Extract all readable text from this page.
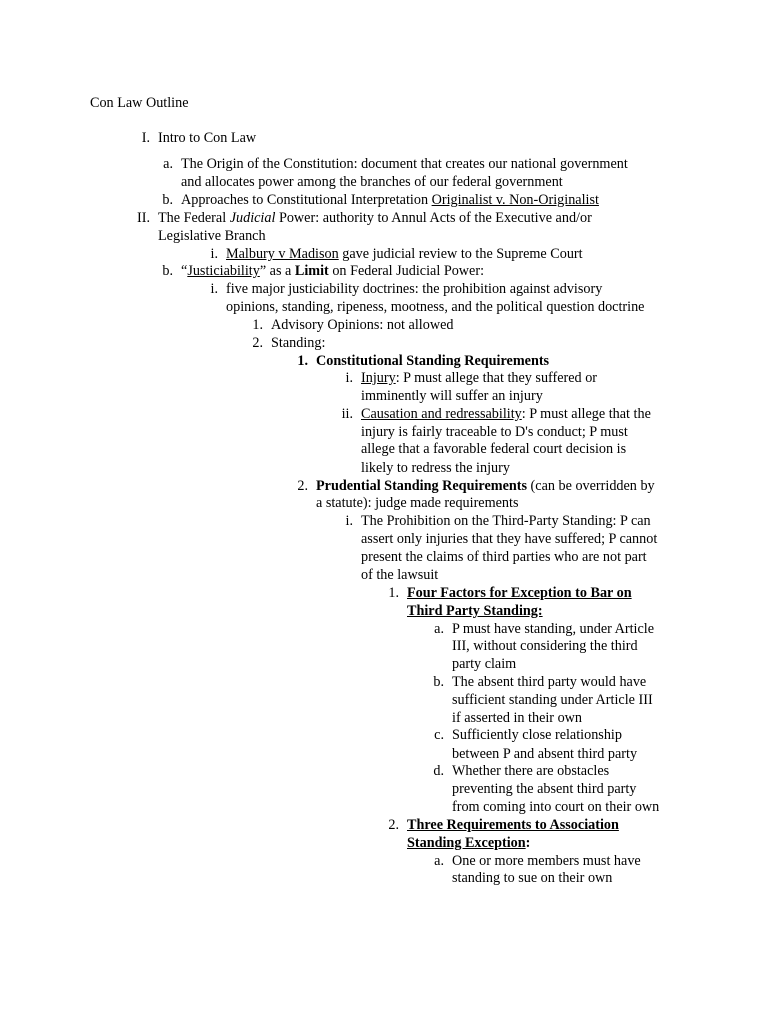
Con Law Outline
I. Intro to Con Law
a. The Origin of the Constitution: document that creates our national government
and allocates power among the branches of our federal government
b. Approaches to Constitutional Interpretation Originalist v. Non-Originalist
II. The Federal Judicial Power: authority to Annul Acts of the Executive and/or
Legislative Branch
i. Malbury v Madison gave judicial review to the Supreme Court
b. “Justiciability” as a Limit on Federal Judicial Power:
i. five major justiciability doctrines: the prohibition against advisory
opinions, standing, ripeness, mootness, and the political question doctrine
1. Advisory Opinions: not allowed
2. Standing:
1. Constitutional Standing Requirements
i. Injury: P must allege that they suffered or
imminently will suffer an injury
ii. Causation and redressability: P must allege that the
injury is fairly traceable to D's conduct; P must
allege that a favorable federal court decision is
likely to redress the injury
2. Prudential Standing Requirements (can be overridden by
a statute): judge made requirements
i. The Prohibition on the Third-Party Standing: P can
assert only injuries that they have suffered; P cannot
present the claims of third parties who are not part
of the lawsuit
1. Four Factors for Exception to Bar on
Third Party Standing:
a. P must have standing, under Article
III, without considering the third
party claim
b. The absent third party would have
sufficient standing under Article III
if asserted in their own
c. Sufficiently close relationship
between P and absent third party
d. Whether there are obstacles
preventing the absent third party
from coming into court on their own
2. Three Requirements to Association
Standing Exception:
a. One or more members must have
standing to sue on their own
